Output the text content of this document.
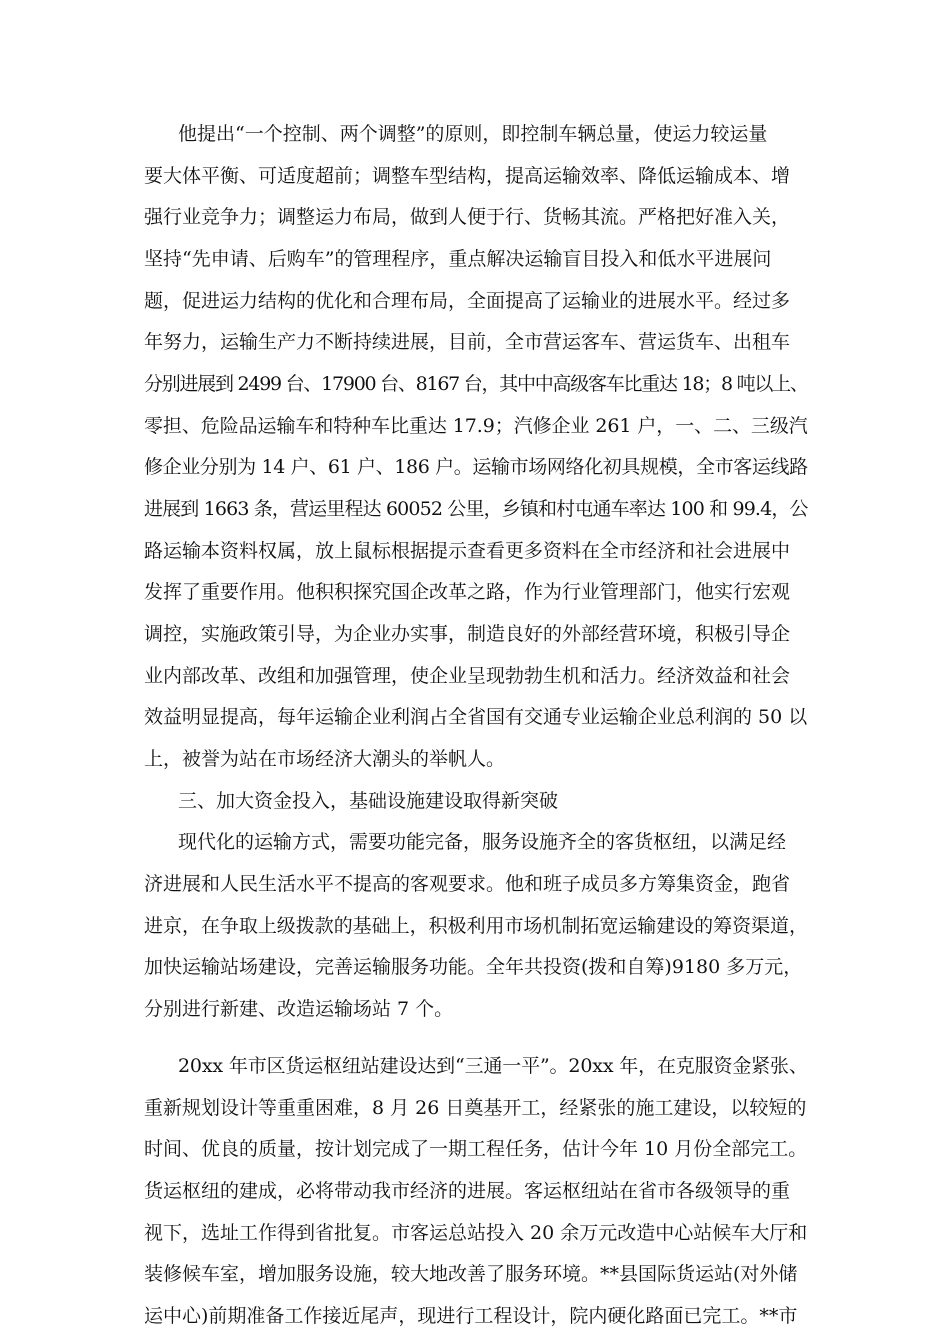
他提出“一个控制、两个调整”的原则，即控制车辆总量，使运力较运量
要大体平衡、可适度超前；调整车型结构，提高运输效率、降低运输成本、增
强行业竞争力；调整运力布局，做到人便于行、货畅其流。严格把好准入关，
坚持“先申请、后购车”的管理程序，重点解决运输盲目投入和低水平进展问
题，促进运力结构的优化和合理布局，全面提高了运输业的进展水平。经过多
年努力，运输生产力不断持续进展，目前，全市营运客车、营运货车、出租车
分别进展到 2499 台、17900 台、8167 台，其中中高级客车比重达 18；8 吨以上、
零担、危险品运输车和特种车比重达 17.9；汽修企业 261 户，一、二、三级汽
修企业分别为 14 户、61 户、186 户。运输市场网络化初具规模，全市客运线路
进展到 1663 条，营运里程达 60052 公里，乡镇和村屯通车率达 100 和 99.4，公
路运输本资料权属，放上鼠标根据提示查看更多资料在全市经济和社会进展中
发挥了重要作用。他积积探究国企改革之路，作为行业管理部门，他实行宏观
调控，实施政策引导，为企业办实事，制造良好的外部经营环境，积极引导企
业内部改革、改组和加强管理，使企业呈现勃勃生机和活力。经济效益和社会
效益明显提高，每年运输企业利润占全省国有交通专业运输企业总利润的 50 以
上，被誉为站在市场经济大潮头的举帆人。
三、加大资金投入，基础设施建设取得新突破
现代化的运输方式，需要功能完备，服务设施齐全的客货枢纽，以满足经
济进展和人民生活水平不提高的客观要求。他和班子成员多方筹集资金，跑省
进京，在争取上级拨款的基础上，积极利用市场机制拓宽运输建设的筹资渠道，
加快运输站场建设，完善运输服务功能。全年共投资(拨和自筹)9180 多万元，
分别进行新建、改造运输场站 7 个。
20xx 年市区货运枢纽站建设达到“三通一平”。20xx 年，在克服资金紧张、
重新规划设计等重重困难，8 月 26 日奠基开工，经紧张的施工建设，以较短的
时间、优良的质量，按计划完成了一期工程任务，估计今年 10 月份全部完工。
货运枢纽的建成，必将带动我市经济的进展。客运枢纽站在省市各级领导的重
视下，选址工作得到省批复。市客运总站投入 20 余万元改造中心站候车大厅和
装修候车室，增加服务设施，较大地改善了服务环境。**县国际货运站(对外储
运中心)前期准备工作接近尾声，现进行工程设计，院内硬化路面已完工。**市
